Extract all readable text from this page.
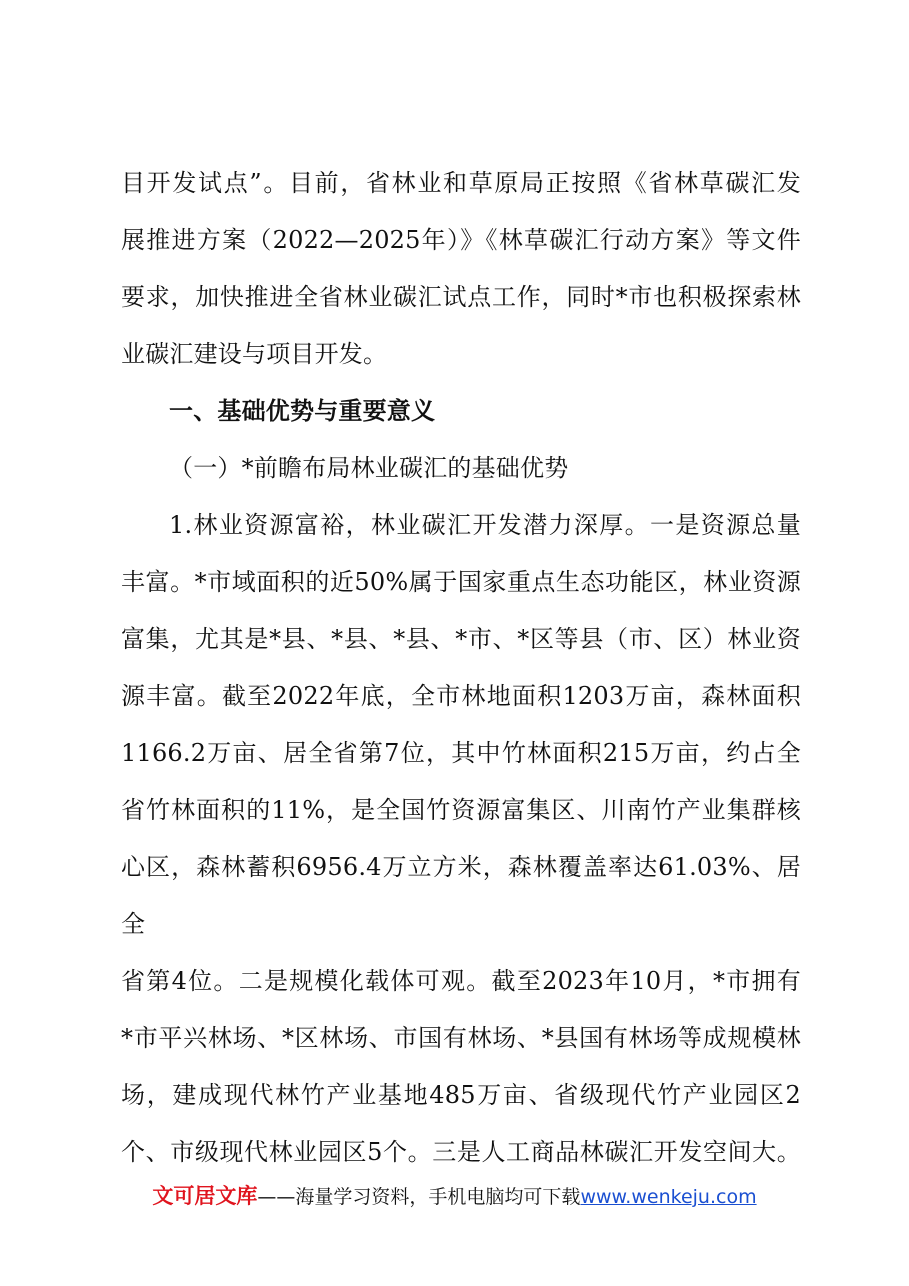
目开发试点”。目前，省林业和草原局正按照《省林草碳汇发

展推进方案（2022—2025年）》《林草碳汇行动方案》等文件

要求，加快推进全省林业碳汇试点工作，同时*市也积极探索林

业碳汇建设与项目开发。

一、基础优势与重要意义

（一）*前瞻布局林业碳汇的基础优势

1.林业资源富裕，林业碳汇开发潜力深厚。一是资源总量

丰富。*市域面积的近50%属于国家重点生态功能区，林业资源

富集，尤其是*县、*县、*县、*市、*区等县（市、区）林业资

源丰富。截至2022年底，全市林地面积1203万亩，森林面积

1166.2万亩、居全省第7位，其中竹林面积215万亩，约占全

省竹林面积的11%，是全国竹资源富集区、川南竹产业集群核

心区，森林蓄积6956.4万立方米，森林覆盖率达61.03%、居全

省第4位。二是规模化载体可观。截至2023年10月，*市拥有

*市平兴林场、*区林场、市国有林场、*县国有林场等成规模林

场，建成现代林竹产业基地485万亩、省级现代竹产业园区2

个、市级现代林业园区5个。三是人工商品林碳汇开发空间大。

文可居文库——海量学习资料，手机电脑均可下载www.wenkeju.com
